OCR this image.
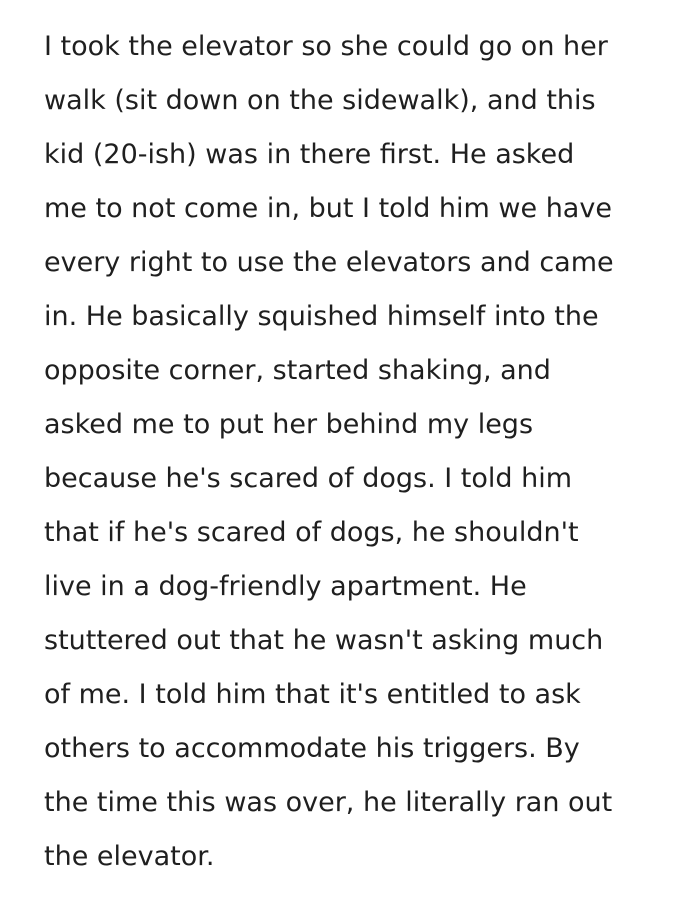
I took the elevator so she could go on her
walk (sit down on the sidewalk), and this
kid (20-ish) was in there first. He asked
me to not come in, but I told him we have
every right to use the elevators and came
in. He basically squished himself into the
opposite corner, started shaking, and
asked me to put her behind my legs
because he's scared of dogs. I told him
that if he's scared of dogs, he shouldn't
live in a dog-friendly apartment. He
stuttered out that he wasn't asking much
of me. I told him that it's entitled to ask
others to accommodate his triggers. By
the time this was over, he literally ran out
the elevator.
